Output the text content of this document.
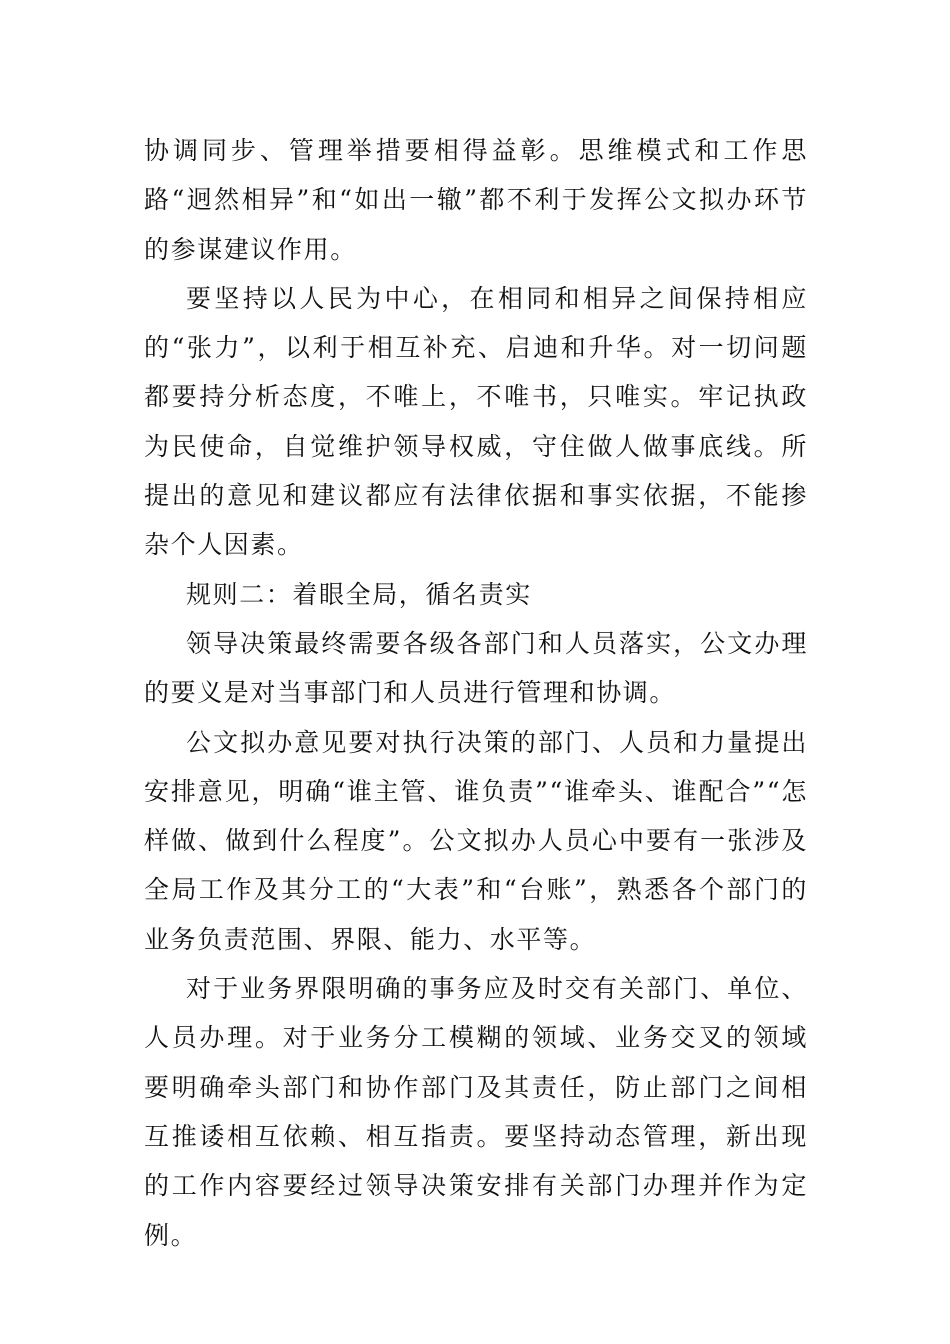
协调同步、管理举措要相得益彰。思维模式和工作思路“迥然相异”和“如出一辙”都不利于发挥公文拟办环节的参谋建议作用。

要坚持以人民为中心，在相同和相异之间保持相应的“张力”，以利于相互补充、启迪和升华。对一切问题都要持分析态度，不唯上，不唯书，只唯实。牢记执政为民使命，自觉维护领导权威，守住做人做事底线。所提出的意见和建议都应有法律依据和事实依据，不能掺杂个人因素。

规则二：着眼全局，循名责实

领导决策最终需要各级各部门和人员落实，公文办理的要义是对当事部门和人员进行管理和协调。

公文拟办意见要对执行决策的部门、人员和力量提出安排意见，明确“谁主管、谁负责”“谁牵头、谁配合”“怎样做、做到什么程度”。公文拟办人员心中要有一张涉及全局工作及其分工的“大表”和“台账”，熟悉各个部门的业务负责范围、界限、能力、水平等。

对于业务界限明确的事务应及时交有关部门、单位、人员办理。对于业务分工模糊的领域、业务交叉的领域要明确牵头部门和协作部门及其责任，防止部门之间相互推诿相互依赖、相互指责。要坚持动态管理，新出现的工作内容要经过领导决策安排有关部门办理并作为定例。
